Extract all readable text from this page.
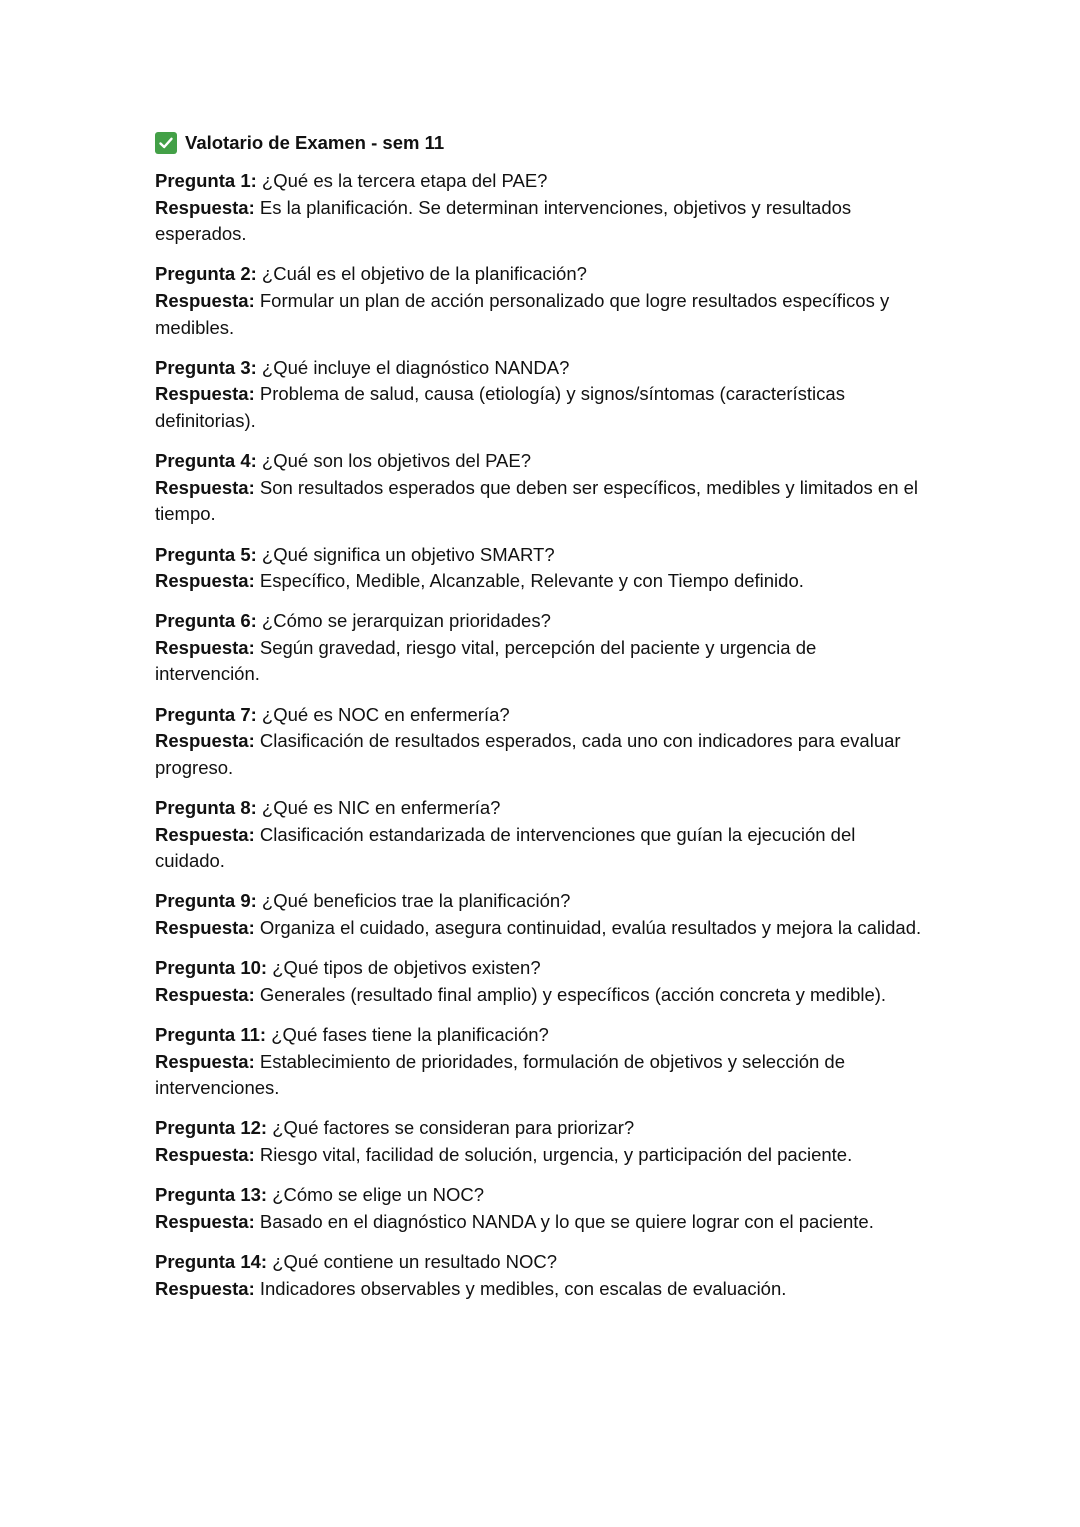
Valotario de Examen - sem 11

Pregunta 1: ¿Qué es la tercera etapa del PAE?

Respuesta: Es la planificación. Se determinan intervenciones, objetivos y resultados esperados.

Pregunta 2: ¿Cuál es el objetivo de la planificación?

Respuesta: Formular un plan de acción personalizado que logre resultados específicos y medibles.

Pregunta 3: ¿Qué incluye el diagnóstico NANDA?

Respuesta: Problema de salud, causa (etiología) y signos/síntomas (características definitorias).

Pregunta 4: ¿Qué son los objetivos del PAE?

Respuesta: Son resultados esperados que deben ser específicos, medibles y limitados en el tiempo.

Pregunta 5: ¿Qué significa un objetivo SMART?

Respuesta: Específico, Medible, Alcanzable, Relevante y con Tiempo definido.

Pregunta 6: ¿Cómo se jerarquizan prioridades?

Respuesta: Según gravedad, riesgo vital, percepción del paciente y urgencia de intervención.

Pregunta 7: ¿Qué es NOC en enfermería?

Respuesta: Clasificación de resultados esperados, cada uno con indicadores para evaluar progreso.

Pregunta 8: ¿Qué es NIC en enfermería?

Respuesta: Clasificación estandarizada de intervenciones que guían la ejecución del cuidado.

Pregunta 9: ¿Qué beneficios trae la planificación?

Respuesta: Organiza el cuidado, asegura continuidad, evalúa resultados y mejora la calidad.

Pregunta 10: ¿Qué tipos de objetivos existen?

Respuesta: Generales (resultado final amplio) y específicos (acción concreta y medible).

Pregunta 11: ¿Qué fases tiene la planificación?

Respuesta: Establecimiento de prioridades, formulación de objetivos y selección de intervenciones.

Pregunta 12: ¿Qué factores se consideran para priorizar?

Respuesta: Riesgo vital, facilidad de solución, urgencia, y participación del paciente.

Pregunta 13: ¿Cómo se elige un NOC?

Respuesta: Basado en el diagnóstico NANDA y lo que se quiere lograr con el paciente.

Pregunta 14: ¿Qué contiene un resultado NOC?

Respuesta: Indicadores observables y medibles, con escalas de evaluación.
